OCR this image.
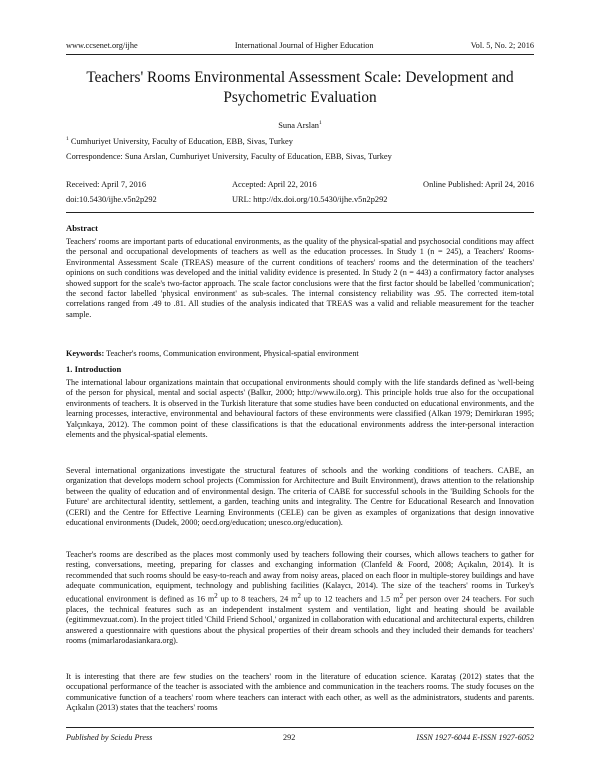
www.ccsenet.org/ijhe	International Journal of Higher Education	Vol. 5, No. 2; 2016
Teachers' Rooms Environmental Assessment Scale: Development and Psychometric Evaluation
Suna Arslan$^1$
$^1$ Cumhuriyet University, Faculty of Education, EBB, Sivas, Turkey
Correspondence: Suna Arslan, Cumhuriyet University, Faculty of Education, EBB, Sivas, Turkey
Received: April 7, 2016	Accepted: April 22, 2016	Online Published: April 24, 2016
doi:10.5430/ijhe.v5n2p292	URL: http://dx.doi.org/10.5430/ijhe.v5n2p292
Abstract
Teachers' rooms are important parts of educational environments, as the quality of the physical-spatial and psychosocial conditions may affect the personal and occupational developments of teachers as well as the education processes. In Study 1 (n = 245), a Teachers' Rooms-Environmental Assessment Scale (TREAS) measure of the current conditions of teachers' rooms and the determination of the teachers' opinions on such conditions was developed and the initial validity evidence is presented. In Study 2 (n = 443) a confirmatory factor analyses showed support for the scale's two-factor approach. The scale factor conclusions were that the first factor should be labelled 'communication'; the second factor labelled 'physical environment' as sub-scales. The internal consistency reliability was .95. The corrected item-total correlations ranged from .49 to .81. All studies of the analysis indicated that TREAS was a valid and reliable measurement for the teacher sample.
Keywords: Teacher's rooms, Communication environment, Physical-spatial environment
1. Introduction
The international labour organizations maintain that occupational environments should comply with the life standards defined as 'well-being of the person for physical, mental and social aspects' (Balkır, 2000; http://www.ilo.org). This principle holds true also for the occupational environments of teachers. It is observed in the Turkish literature that some studies have been conducted on educational environments, and the learning processes, interactive, environmental and behavioural factors of these environments were classified (Alkan 1979; Demirkıran 1995; Yalçınkaya, 2012). The common point of these classifications is that the educational environments address the inter-personal interaction elements and the physical-spatial elements.
Several international organizations investigate the structural features of schools and the working conditions of teachers. CABE, an organization that develops modern school projects (Commission for Architecture and Built Environment), draws attention to the relationship between the quality of education and of environmental design. The criteria of CABE for successful schools in the 'Building Schools for the Future' are architectural identity, settlement, a garden, teaching units and integrality. The Centre for Educational Research and Innovation (CERI) and the Centre for Effective Learning Environments (CELE) can be given as examples of organizations that design innovative educational environments (Dudek, 2000; oecd.org/education; unesco.org/education).
Teacher's rooms are described as the places most commonly used by teachers following their courses, which allows teachers to gather for resting, conversations, meeting, preparing for classes and exchanging information (Clanfeld & Foord, 2008; Açıkalın, 2014). It is recommended that such rooms should be easy-to-reach and away from noisy areas, placed on each floor in multiple-storey buildings and have adequate communication, equipment, technology and publishing facilities (Kalaycı, 2014). The size of the teachers' rooms in Turkey's educational environment is defined as 16 $m^2$ up to 8 teachers, 24 $m^2$ up to 12 teachers and 1.5 $m^2$ per person over 24 teachers. For such places, the technical features such as an independent instalment system and ventilation, light and heating should be available (egitimmevzuat.com). In the project titled 'Child Friend School,' organized in collaboration with educational and architectural experts, children answered a questionnaire with questions about the physical properties of their dream schools and they included their demands for teachers' rooms (mimarlarodasiankara.org).
It is interesting that there are few studies on the teachers' room in the literature of education science. Karataş (2012) states that the occupational performance of the teacher is associated with the ambience and communication in the teachers rooms. The study focuses on the communicative function of a teachers' room where teachers can interact with each other, as well as the administrators, students and parents. Açıkalın (2013) states that the teachers' rooms
Published by Sciedu Press	292	ISSN 1927-6044 E-ISSN 1927-6052
